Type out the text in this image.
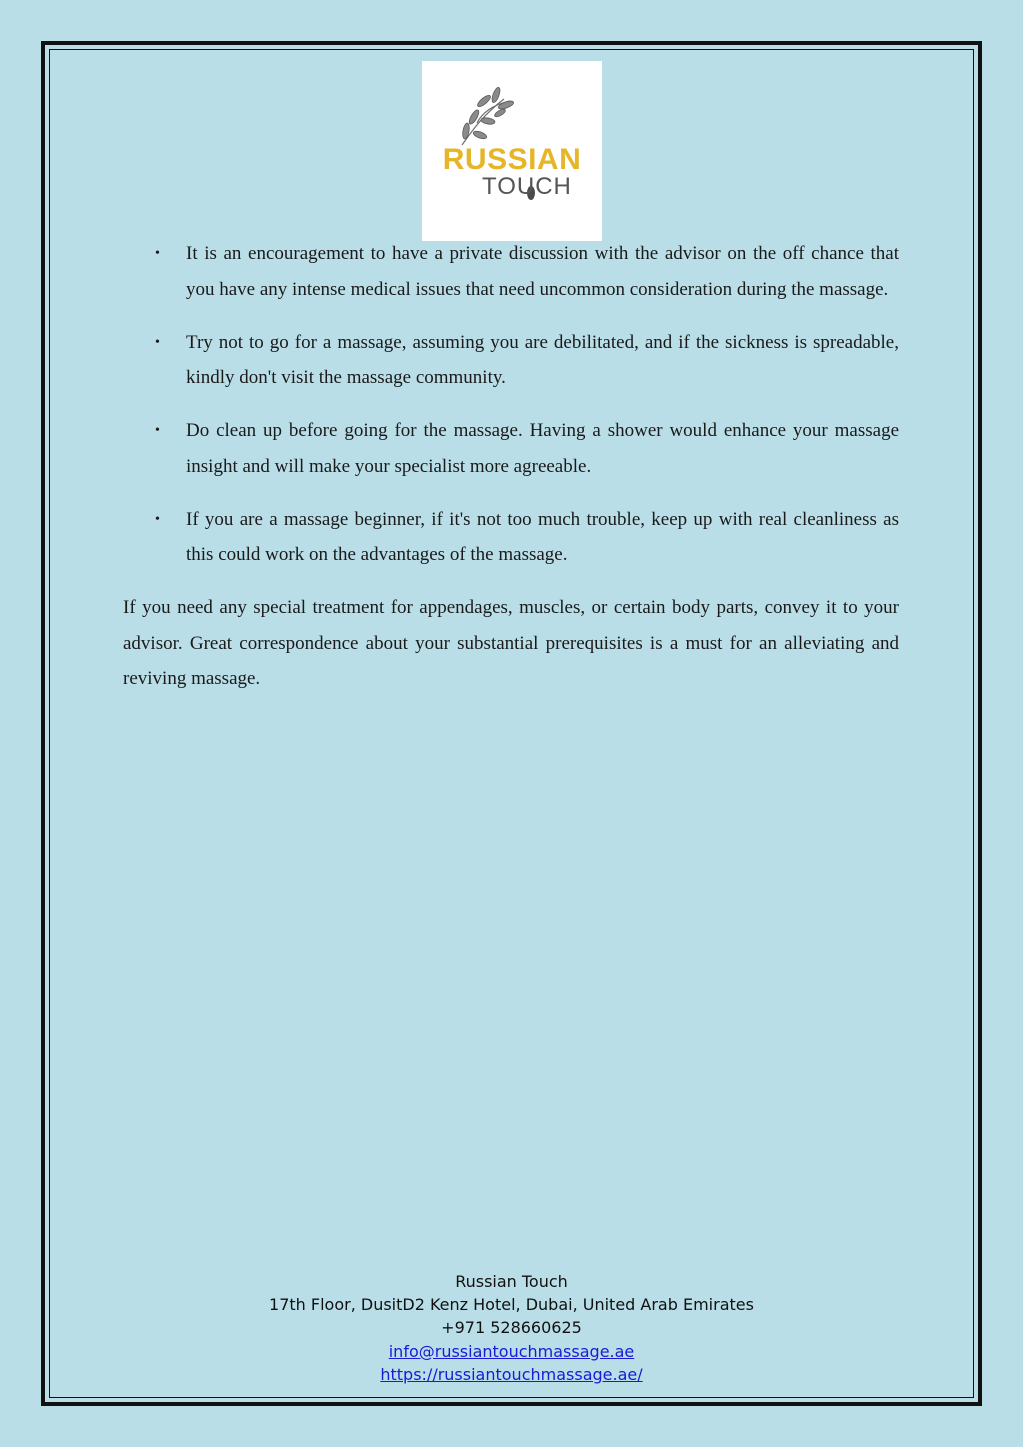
RUSSIAN
TOUCH
• It is an encouragement to have a private discussion with the advisor on the off chance that you have any intense medical issues that need uncommon consideration during the massage.
• Try not to go for a massage, assuming you are debilitated, and if the sickness is spreadable, kindly don't visit the massage community.
• Do clean up before going for the massage. Having a shower would enhance your massage insight and will make your specialist more agreeable.
• If you are a massage beginner, if it's not too much trouble, keep up with real cleanliness as this could work on the advantages of the massage.

If you need any special treatment for appendages, muscles, or certain body parts, convey it to your advisor. Great correspondence about your substantial prerequisites is a must for an alleviating and reviving massage.

Russian Touch
17th Floor, DusitD2 Kenz Hotel, Dubai, United Arab Emirates
+971 528660625
info@russiantouchmassage.ae
https://russiantouchmassage.ae/
